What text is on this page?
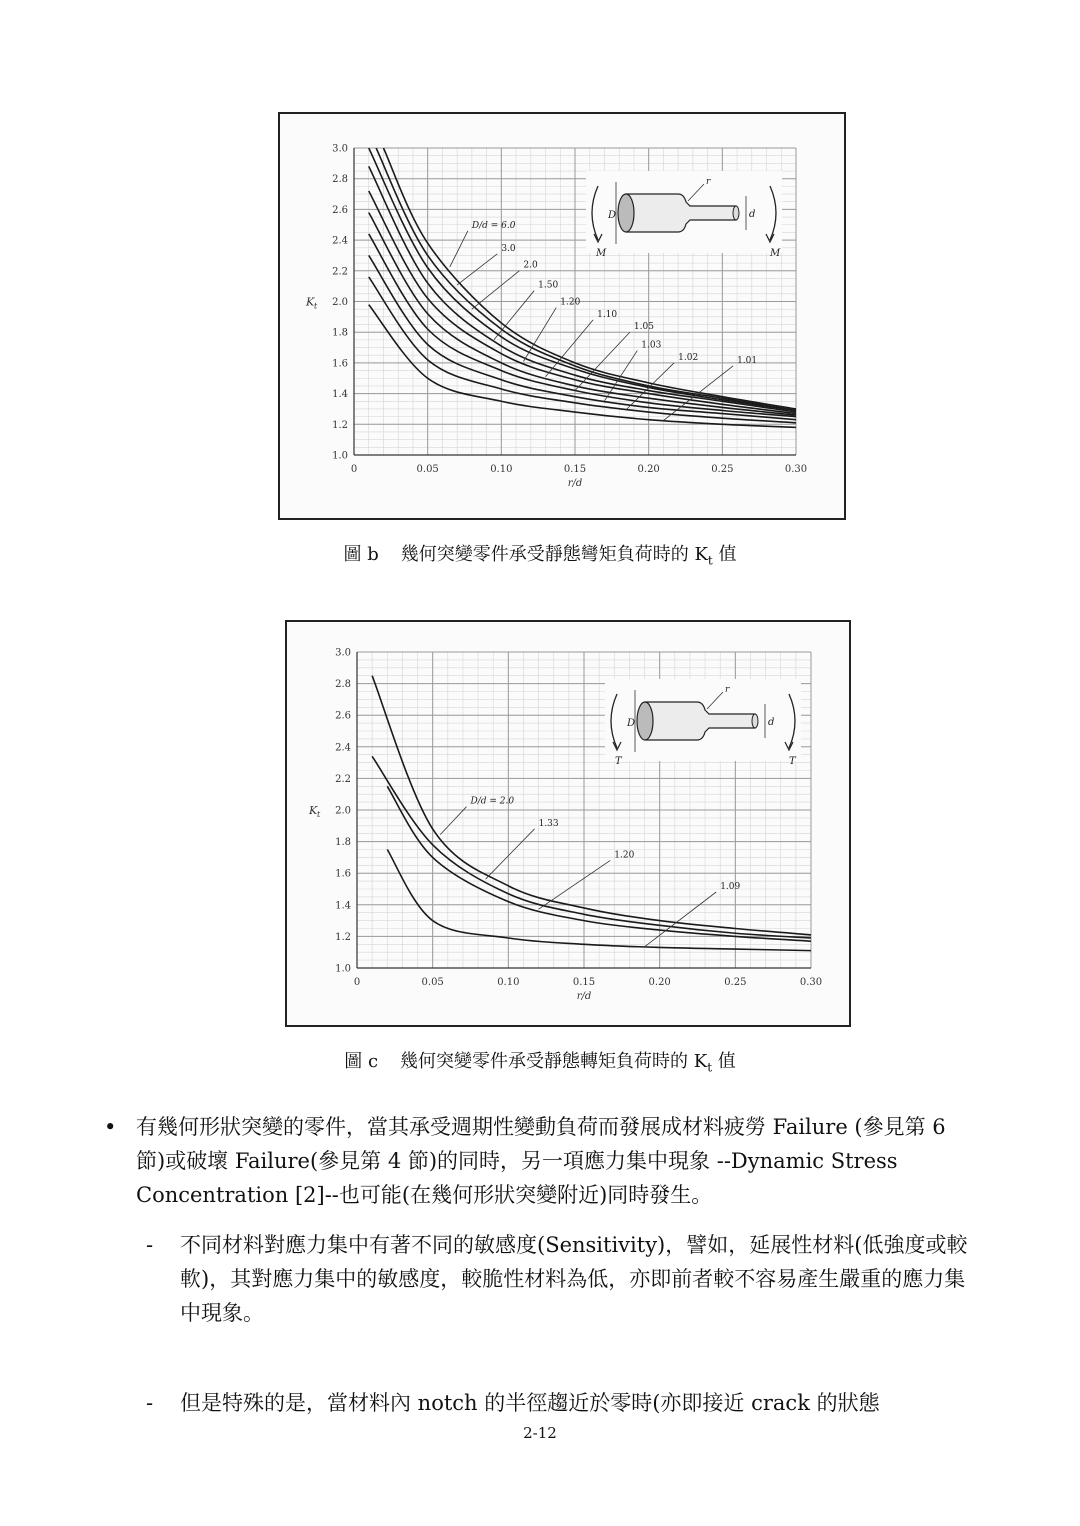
0	0.05	0.10	0.15	0.20	0.25	0.30
1.0
1.2
1.4
1.6
1.8
2.0
2.2
2.4
2.6
2.8
3.0
r/d
K t
D/d = 6.0
3.0
2.0
1.50
1.20
1.10
1.05
1.03
1.02	1.01
D	d
r
M	M
圖 b 幾何突變零件承受靜態彎矩負荷時的 $K_t$ 值
0	0.05	0.10	0.15	0.20	0.25	0.30
1.0
1.2
1.4
1.6
1.8
2.0
2.2
2.4
2.6
2.8
3.0
r/d
K t
D/d = 2.0
1.33
1.20
1.09
D	d
r
T	T
圖 c 幾何突變零件承受靜態轉矩負荷時的 $K_t$ 值
• 有幾何形狀突變的零件，當其承受週期性變動負荷而發展成材料疲勞 Failure (參見第 6 節)或破壞 Failure(參見第 4 節)的同時，另一項應力集中現象 --Dynamic Stress Concentration [2]--也可能(在幾何形狀突變附近)同時發生。
- 不同材料對應力集中有著不同的敏感度(Sensitivity)，譬如，延展性材料(低強度或較軟)，其對應力集中的敏感度，較脆性材料為低，亦即前者較不容易產生嚴重的應力集中現象。
- 但是特殊的是，當材料內 notch 的半徑趨近於零時(亦即接近 crack 的狀態
2-12
